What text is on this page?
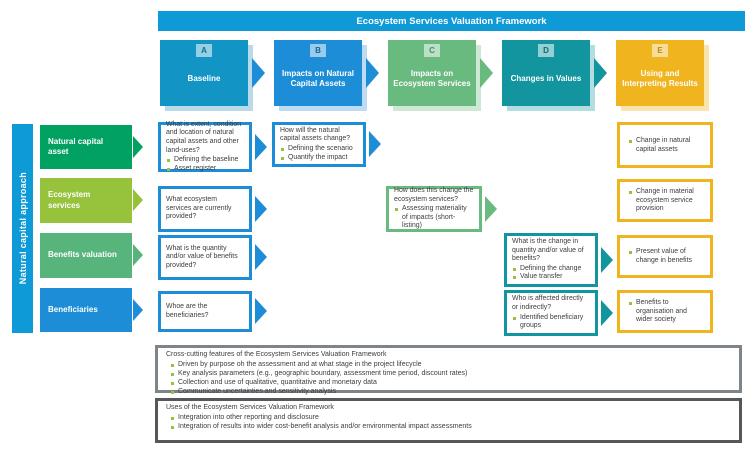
Ecosystem Services Valuation Framework
A
Baseline
B
Impacts on Natural Capital Assets
C
Impacts on Ecosystem Services
D
Changes in Values
E
Using and Interpreting Results
Natural capital approach
Natural capital asset
Ecosystem services
Benefits valuation
Beneficiaries
What is extent, condition and location of natural capital assets and other land-uses?
Defining the baseline
Asset register
How will the natural capital assets change?
Defining the scenario
Quantify the impact
Change in natural capital assets
What ecosystem services are currently provided?
How does this change the ecosystem services?
Assessing materiality of impacts (short-listing)
Change in material ecosystem service provision
What is the quantity and/or value of benefits provided?
What is the change in quantity and/or value of benefits?
Defining the change
Value transfer
Present value of change in benefits
Whoe are the beneficiaries?
Who is affected directly or indirectly?
Identified beneficiary groups
Benefits to organisation and wider society
Cross-cutting features of the Ecosystem Services Valuation Framework
Driven by purpose oh the assessment and at what stage in the project lifecycle
Key analysis parameters (e.g., geographic boundary, assessment time period, discount rates)
Collection and use of qualitative, quantitative and monetary data
Communicate uncertainties and sensitivity analysis
Uses of the Ecosystem Services Valuation Framework
Integration into other reporting and disclosure
Integration of results into wider cost-benefit analysis and/or environmental impact assessments
